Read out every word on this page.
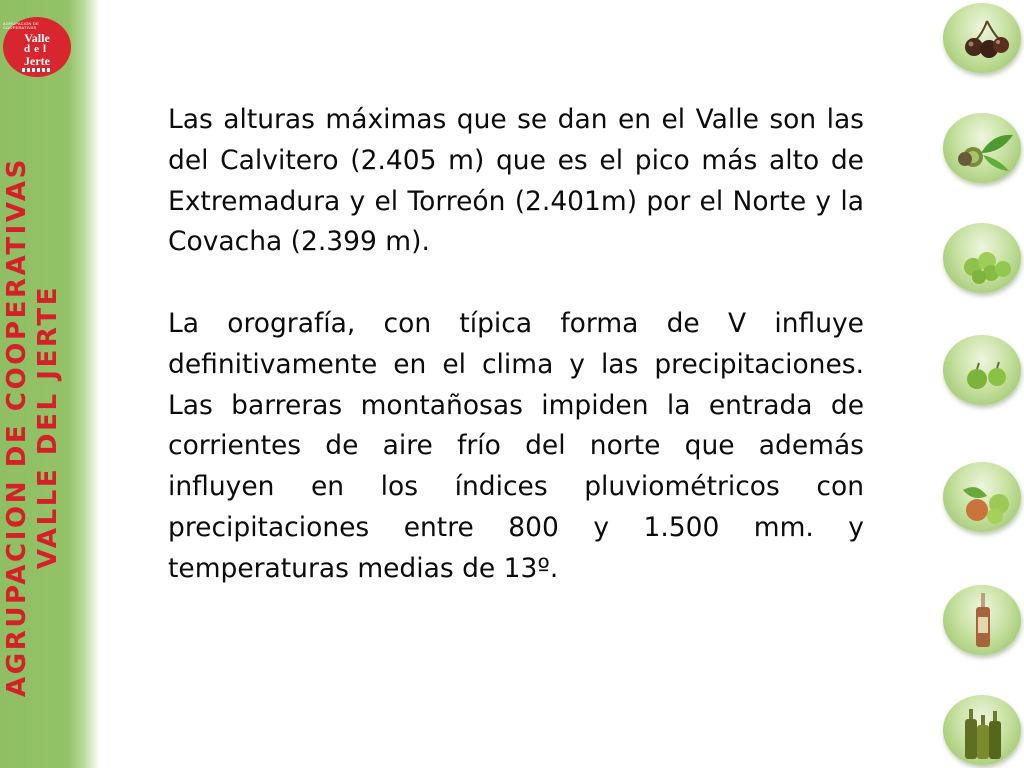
AGRUPACION DE COOPERATIVAS
Valle
del
Jerte
AGRUPACION DE COOPERATIVAS VALLE DEL JERTE

Las alturas máximas que se dan en el Valle son las del Calvitero (2.405 m) que es el pico más alto de Extremadura y el Torreón (2.401m) por el Norte y la Covacha (2.399 m).

La orografía, con típica forma de V influye definitivamente en el clima y las precipitaciones. Las barreras montañosas impiden la entrada de corrientes de aire frío del norte que además influyen en los índices pluviométricos con precipitaciones entre 800 y 1.500 mm. y temperaturas medias de 13º.
